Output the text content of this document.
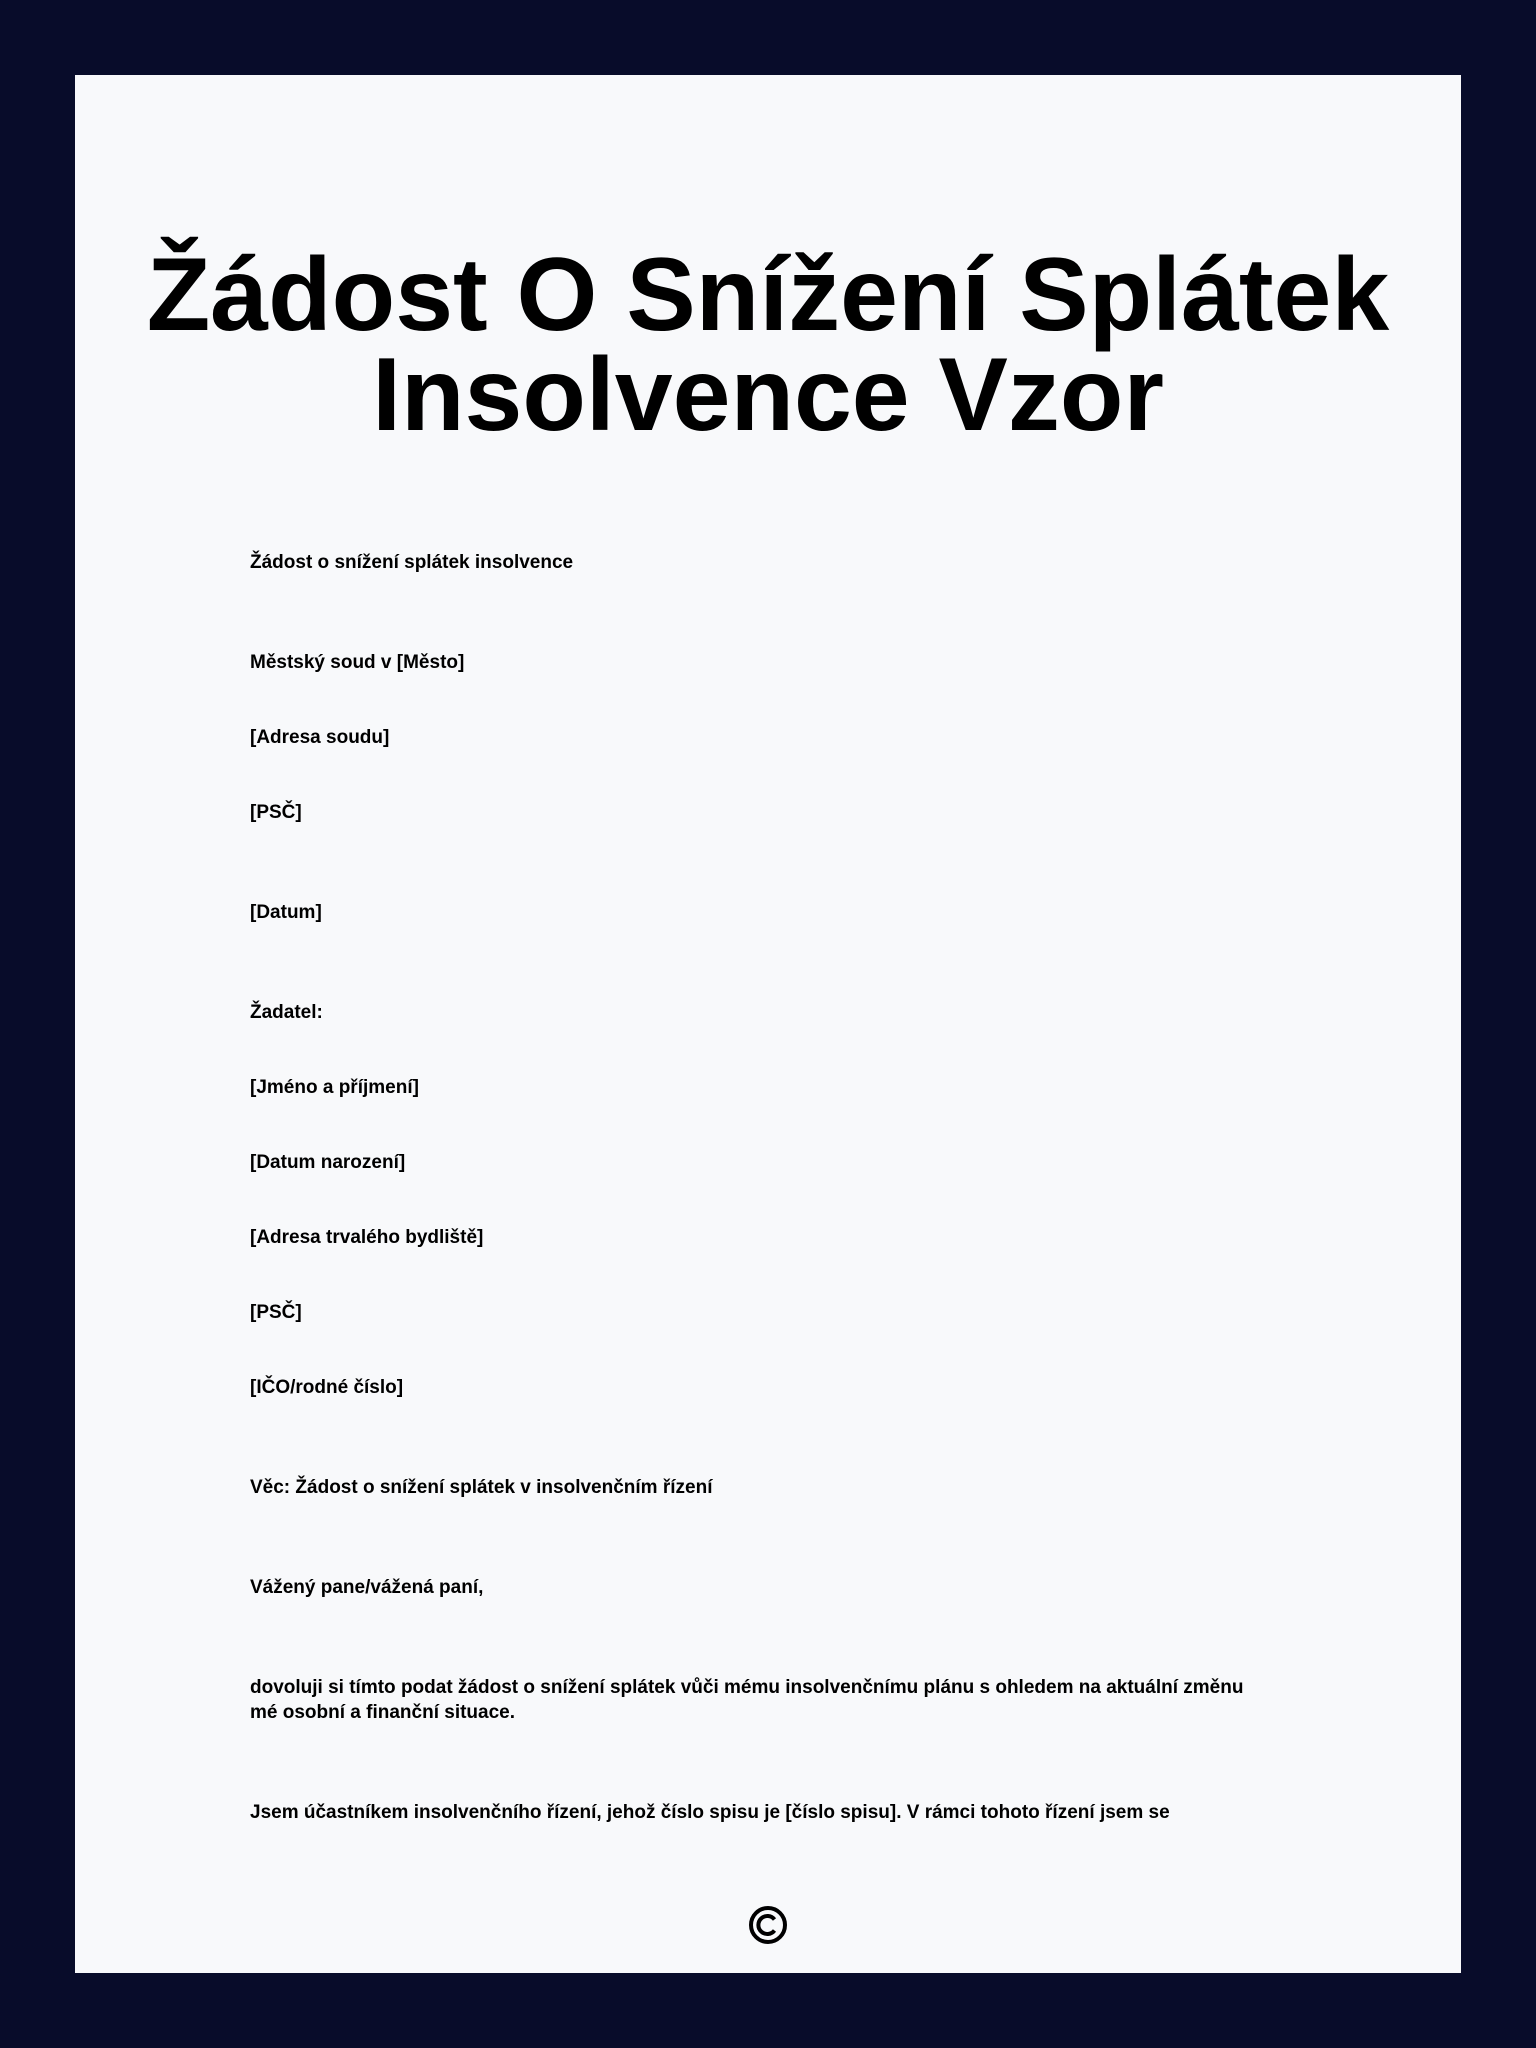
Žádost O Snížení Splátek
Insolvence Vzor

Žádost o snížení splátek insolvence

Městský soud v [Město]

[Adresa soudu]

[PSČ]

[Datum]

Žadatel:

[Jméno a příjmení]

[Datum narození]

[Adresa trvalého bydliště]

[PSČ]

[IČO/rodné číslo]

Věc: Žádost o snížení splátek v insolvenčním řízení

Vážený pane/vážená paní,

dovoluji si tímto podat žádost o snížení splátek vůči mému insolvenčnímu plánu s ohledem na aktuální změnu mé osobní a finanční situace.

Jsem účastníkem insolvenčního řízení, jehož číslo spisu je [číslo spisu]. V rámci tohoto řízení jsem se
